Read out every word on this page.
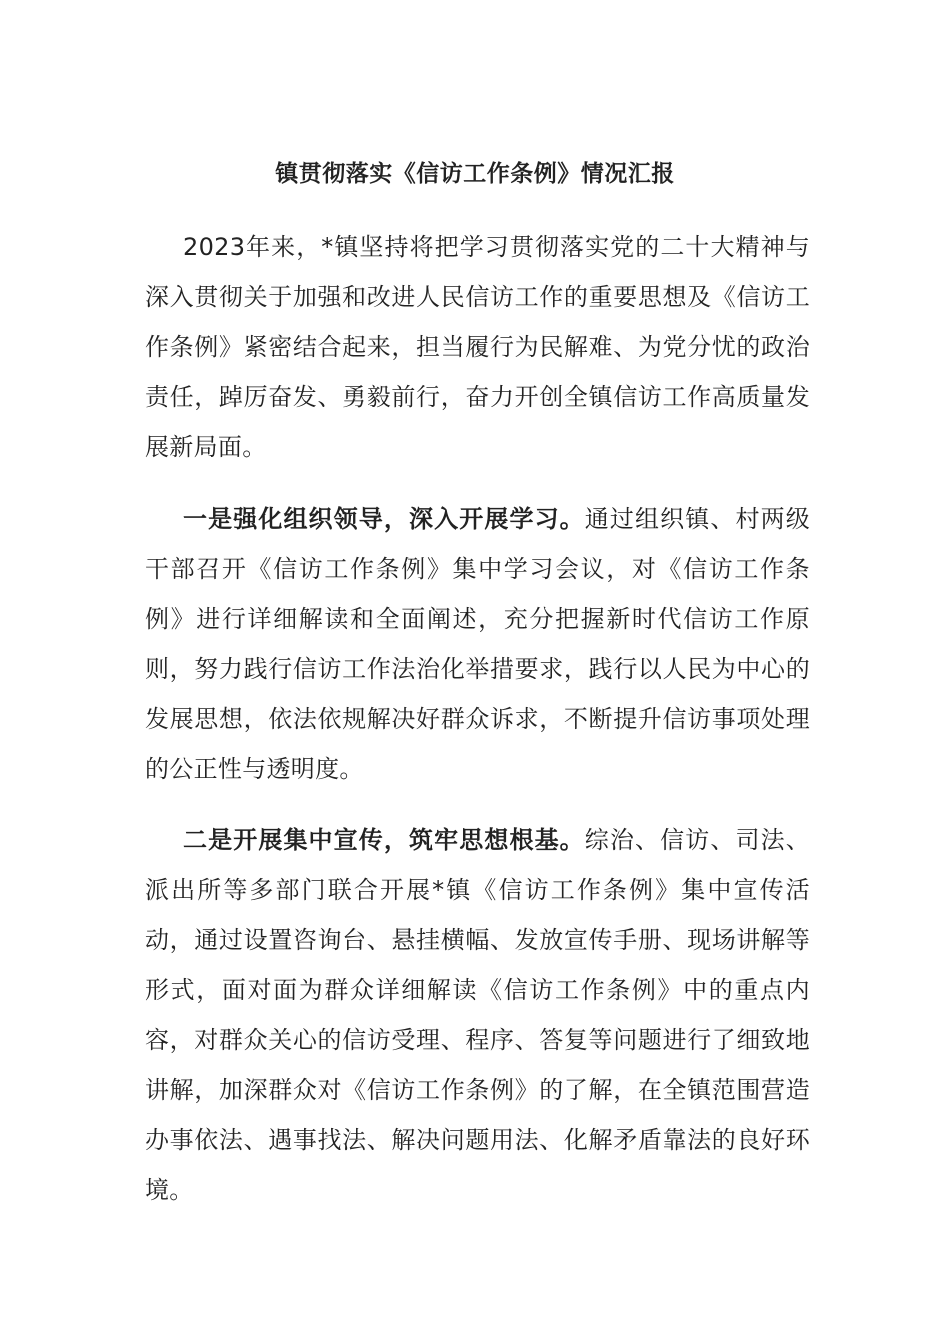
镇贯彻落实《信访工作条例》情况汇报
2023年来，*镇坚持将把学习贯彻落实党的二十大精神与深入贯彻关于加强和改进人民信访工作的重要思想及《信访工作条例》紧密结合起来，担当履行为民解难、为党分忧的政治责任，踔厉奋发、勇毅前行，奋力开创全镇信访工作高质量发展新局面。
一是强化组织领导，深入开展学习。通过组织镇、村两级干部召开《信访工作条例》集中学习会议，对《信访工作条例》进行详细解读和全面阐述，充分把握新时代信访工作原则，努力践行信访工作法治化举措要求，践行以人民为中心的发展思想，依法依规解决好群众诉求，不断提升信访事项处理的公正性与透明度。
二是开展集中宣传，筑牢思想根基。综治、信访、司法、派出所等多部门联合开展*镇《信访工作条例》集中宣传活动，通过设置咨询台、悬挂横幅、发放宣传手册、现场讲解等形式，面对面为群众详细解读《信访工作条例》中的重点内容，对群众关心的信访受理、程序、答复等问题进行了细致地讲解，加深群众对《信访工作条例》的了解，在全镇范围营造办事依法、遇事找法、解决问题用法、化解矛盾靠法的良好环境。
